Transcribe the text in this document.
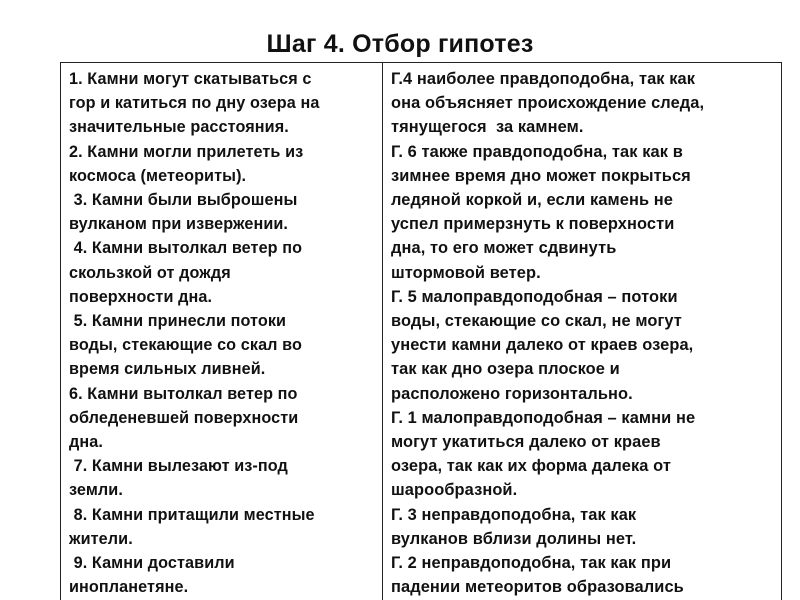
Шаг 4. Отбор гипотез
1. Камни могут скатываться с
гор и катиться по дну озера на
значительные расстояния.
2. Камни могли прилететь из
космоса (метеориты).
3. Камни были выброшены
вулканом при извержении.
4. Камни вытолкал ветер по
скользкой от дождя
поверхности дна.
5. Камни принесли потоки
воды, стекающие со скал во
время сильных ливней.
6. Камни вытолкал ветер по
обледеневшей поверхности
дна.
7. Камни вылезают из-под
земли.
8. Камни притащили местные
жители.
9. Камни доставили
инопланетяне.
Г.4 наиболее правдоподобна, так как
она объясняет происхождение следа,
тянущегося  за камнем.
Г. 6 также правдоподобна, так как в
зимнее время дно может покрыться
ледяной коркой и, если камень не
успел примерзнуть к поверхности
дна, то его может сдвинуть
штормовой ветер.
Г. 5 малоправдоподобная – потоки
воды, стекающие со скал, не могут
унести камни далеко от краев озера,
так как дно озера плоское и
расположено горизонтально.
Г. 1 малоправдоподобная – камни не
могут укатиться далеко от краев
озера, так как их форма далека от
шарообразной.
Г. 3 неправдоподобна, так как
вулканов вблизи долины нет.
Г. 2 неправдоподобна, так как при
падении метеоритов образовались
